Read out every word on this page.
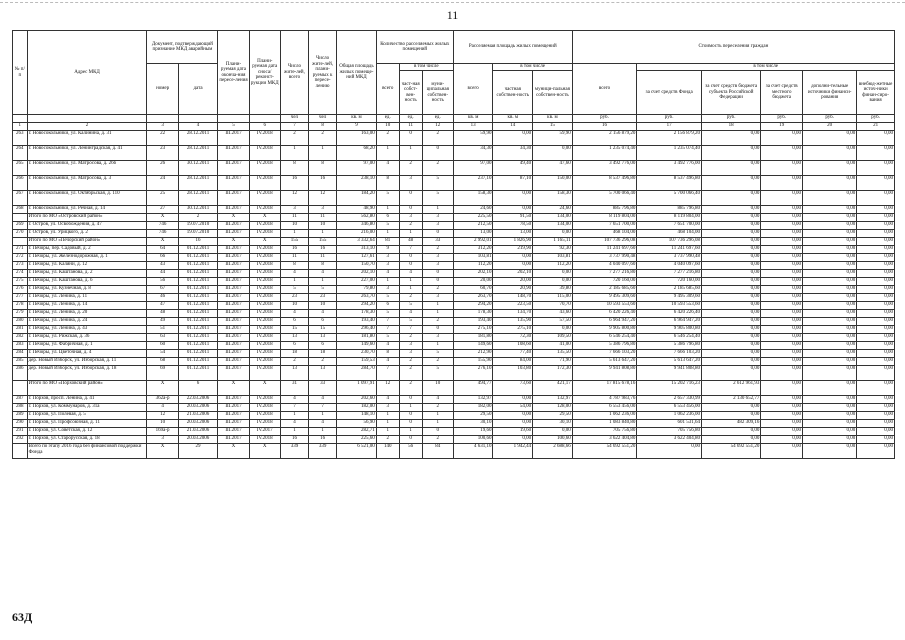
11
№ п/п	Адрес МКД	Документ, подтверждающий признание МКД аварийным		Плани-руемая дата оконча-ния пересе-ления	Плани-руемая дата сноса/ реконст-рукции МКД	Число жите-лей, всего	Число жите-лей, плани-руемых к пересе-лению	Общая площадь жилых помеще-ний МКД	Количество расселяемых жилых помещений			Расселяемая площадь жилых помещений			Стоимость переселения граждан					
		номер	дата						всего	в том числе		всего	в том числе		всего	в том числе				
										част-ная собст-вен-ность	муни-ципальная собствен-ность		частная собствен-ность	муници-пальная собствен-ность		за счет средств Фонда	за счет средств бюджета субъекта Российской Федерации	за счет средств местного бюджета	дополни-тельные источники финанси-рования	внебюд-жетные источ-ники финан-сиро-вания
						чел	чел	кв. м	ед.	ед.	ед.	кв. м	кв. м	кв. м	руб.	руб.	руб.	руб.	руб.	руб.
1	2	3	4	5	6	7	8	9	10	11	12	13	14	15	16	17	18	19	20	21
263	г. Новосокольники, ул. Калинина, д. 31	22	28.12.2011	III.2017	IV.2018	2	2	163,00	2	0	2	59,90	0,00	59,90	2 156 879,20	2 156 879,20	0,00	0,00	0,00	0,00
264	г. Новосокольники, ул. Ленинградская, д. 41	23	28.12.2011	III.2017	IV.2018	1	1	68,20	1	1	0	34,30	34,30	0,00	1 235 074,40	1 235 074,40	0,00	0,00	0,00	0,00
265	г. Новосокольники, ул. Матросова, д. 26б	26	30.12.2011	III.2017	IV.2018	8	8	97,00	4	2	2	97,00	49,40	47,60	3 492 776,00	3 492 776,00	0,00	0,00	0,00	0,00
266	г. Новосокольники, ул. Матросова, д. 3	24	28.12.2011	III.2017	IV.2018	16	16	238,10	8	3	5	237,10	87,10	150,00	8 537 496,80	8 537 496,80	0,00	0,00	0,00	0,00
267	г. Новосокольники, ул. Октябрьская, д. 110	25	28.12.2011	III.2017	IV.2018	12	12	184,20	5	0	5	158,30	0,00	158,30	5 700 066,40	5 700 066,40	0,00	0,00	0,00	0,00
268	г. Новосокольники, ул. Речная, д. 14	27	30.12.2011	III.2017	IV.2018	3	3	48,90	1	0	1	24,60	0,00	24,60	885 796,80	885 796,80	0,00	0,00	0,00	0,00
	Итого по МО «Островский район»	X	2	X	X	11	11	562,80	6	3	3	225,50	91,50	134,00	8 119 804,00	8 119 804,00	0,00	0,00	0,00	0,00
269	г. Остров, ул. Освобождения, д. 47	746	19.07.2010	III.2017	IV.2018	10	10	346,80	5	2	3	212,50	78,50	134,00	7 651 700,00	7 651 700,00	0,00	0,00	0,00	0,00
270	г. Остров, ул. Урицкого, д. 2	746	19.07.2010	III.2017	IV.2018	1	1	216,00	1	1	0	13,00	13,00	0,00	468 104,00	468 104,00	0,00	0,00	0,00	0,00
	Итого по МО «Печорский район»	X	16	X	X	155	155	3 332,64	81	48	33	2 992,01	1 826,90	1 165,11	107 736 296,08	107 736 296,08	0,00	0,00	0,00	0,00
271	г. Печоры, пер. Садовый, д. 2	64	01.12.2011	III.2017	IV.2018	16	16	313,10	9	7	2	312,20	219,90	92,30	11 241 697,60	11 241 697,60	0,00	0,00	0,00	0,00
272	г. Печоры, ул. Железнодорожная, д. 1	66	01.12.2011	III.2017	IV.2018	11	11	127,61	3	0	3	103,81	0,00	103,81	3 737 990,48	3 737 990,48	0,00	0,00	0,00	0,00
273	г. Печоры, ул. Каляни, д. 12	43	01.12.2011	III.2017	IV.2018	8	8	150,70	3	0	3	112,20	0,00	112,20	4 040 097,60	4 040 097,60	0,00	0,00	0,00	0,00
274	г. Печоры, ул. Каштанова, д. 2	44	01.12.2011	III.2017	IV.2018	4	4	202,10	4	4	0	202,10	202,10	0,00	7 277 216,80	7 277 216,80	0,00	0,00	0,00	0,00
275	г. Печоры, ул. Каштанова, д. 6	56	01.12.2011	III.2017	IV.2018	1	1	227,00	1	1	0	20,00	20,00	0,00	720 160,00	720 160,00	0,00	0,00	0,00	0,00
276	г. Печоры, ул. Кузнечная, д. 8	67	01.12.2011	III.2017	IV.2018	5	5	79,80	3	1	2	60,70	20,90	39,80	2 185 685,60	2 185 685,60	0,00	0,00	0,00	0,00
277	г. Печоры, ул. Ленина, д. 11	46	01.12.2011	III.2017	IV.2018	23	23	263,70	5	2	3	263,70	148,70	115,00	9 495 309,60	9 495 309,60	0,00	0,00	0,00	0,00
278	г. Печоры, ул. Ленина, д. 14	47	01.12.2011	III.2017	IV.2018	10	10	294,20	6	5	1	294,20	223,50	70,70	10 593 553,60	10 593 553,60	0,00	0,00	0,00	0,00
279	г. Печоры, ул. Ленина, д. 20	48	01.12.2011	III.2017	IV.2018	4	4	178,30	5	4	1	178,30	134,70	43,60	6 420 226,40	6 420 226,40	0,00	0,00	0,00	0,00
280	г. Печоры, ул. Ленина, д. 24	49	01.12.2011	III.2017	IV.2018	6	6	193,40	7	5	2	193,40	135,90	57,50	6 964 947,20	6 964 947,20	0,00	0,00	0,00	0,00
281	г. Печоры, ул. Ленина, д. 43	51	01.12.2011	III.2017	IV.2018	15	15	296,40	7	7	0	275,10	275,10	0,00	9 905 800,80	9 905 800,80	0,00	0,00	0,00	0,00
282	г. Печоры, ул. Рижская, д. 36	63	01.12.2011	III.2017	IV.2018	13	13	181,80	5	2	3	181,80	72,30	109,50	6 546 254,40	6 546 254,40	0,00	0,00	0,00	0,00
283	г. Печоры, ул. Фабричная, д. 1	60	01.12.2011	III.2017	IV.2018	6	6	149,60	4	3	1	149,60	108,60	41,00	5 386 796,80	5 386 796,80	0,00	0,00	0,00	0,00
284	г. Печоры, ул. Цветочная, д. 4	54	01.12.2011	III.2017	IV.2018	18	18	230,70	8	3	5	212,90	77,40	135,50	7 666 103,20	7 666 103,20	0,00	0,00	0,00	0,00
285	дер. Новый Изборск, ул. Изборская, д. 11	68	01.12.2011	III.2017	IV.2018	2	2	159,53	4	2	2	155,90	84,00	71,90	5 613 647,20	5 613 647,20	0,00	0,00	0,00	0,00
286	дер. Новый Изборск, ул. Изборская, д. 18	69	01.12.2011	III.2017	IV.2018	13	13	284,70	7	2	5	276,10	103,80	172,30	9 941 808,80	9 941 808,80	0,00	0,00	0,00	0,00
	Итого по МО «Порховский район»	X	6	X	X	31	33	1 097,91	12	2	10	494,77	73,60	421,17	17 815 678,16	15 202 716,23	2 612 961,93	0,00	0,00	0,00
287	г. Порхов, просп. Ленина, д. 41	362а-р	22.03.2006	III.2017	IV.2018	4	4	202,60	4	0	4	132,97	0,00	132,97	4 787 983,76	2 657 330,99	2 130 652,77	0,00	0,00	0,00
288	г. Порхов, ул. Коммунаров, д. 31а	4	20.03.2006	III.2017	IV.2018	7	7	182,00	3	1	2	182,00	54,00	128,00	6 553 456,00	6 553 456,00	0,00	0,00	0,00	0,00
289	г. Порхов, ул. Полевая, д. 5	12	21.03.2006	III.2017	IV.2018	1	1	148,10	1	0	1	29,50	0,00	29,50	1 062 236,00	1 062 236,00	0,00	0,00	0,00	0,00
290	г. Порхов, ул. Профсоюзная, д. 11	10	20.03.2006	III.2017	IV.2018	4	4	56,90	1	0	1	30,10	0,00	30,10	1 083 840,80	601 531,64	482 309,16	0,00	0,00	0,00
291	г. Порхов, ул. Советская, д. 12	169а-р	21.03.2006	III.2017	IV.2017	1	1	282,71	1	1	0	19,60	19,60	0,00	705 756,80	705 756,80	0,00	0,00	0,00	0,00
292	г. Порхов, ул. Старорусская, д. 18	3	20.03.2006	III.2017	IV.2018	16	16	225,60	2	0	2	100,60	0,00	100,60	3 622 404,80	3 622 404,80	0,00	0,00	0,00	0,00
	Всего по этапу 2016 года без финансовой поддержки Фонда	X	29	X	X	339	339	6 521,00	140	56	84	4 631,10	1 942,44	2 688,66	54 692 551,20	0,00	54 692 551,20	0,00	0,00	0,00
63Д
